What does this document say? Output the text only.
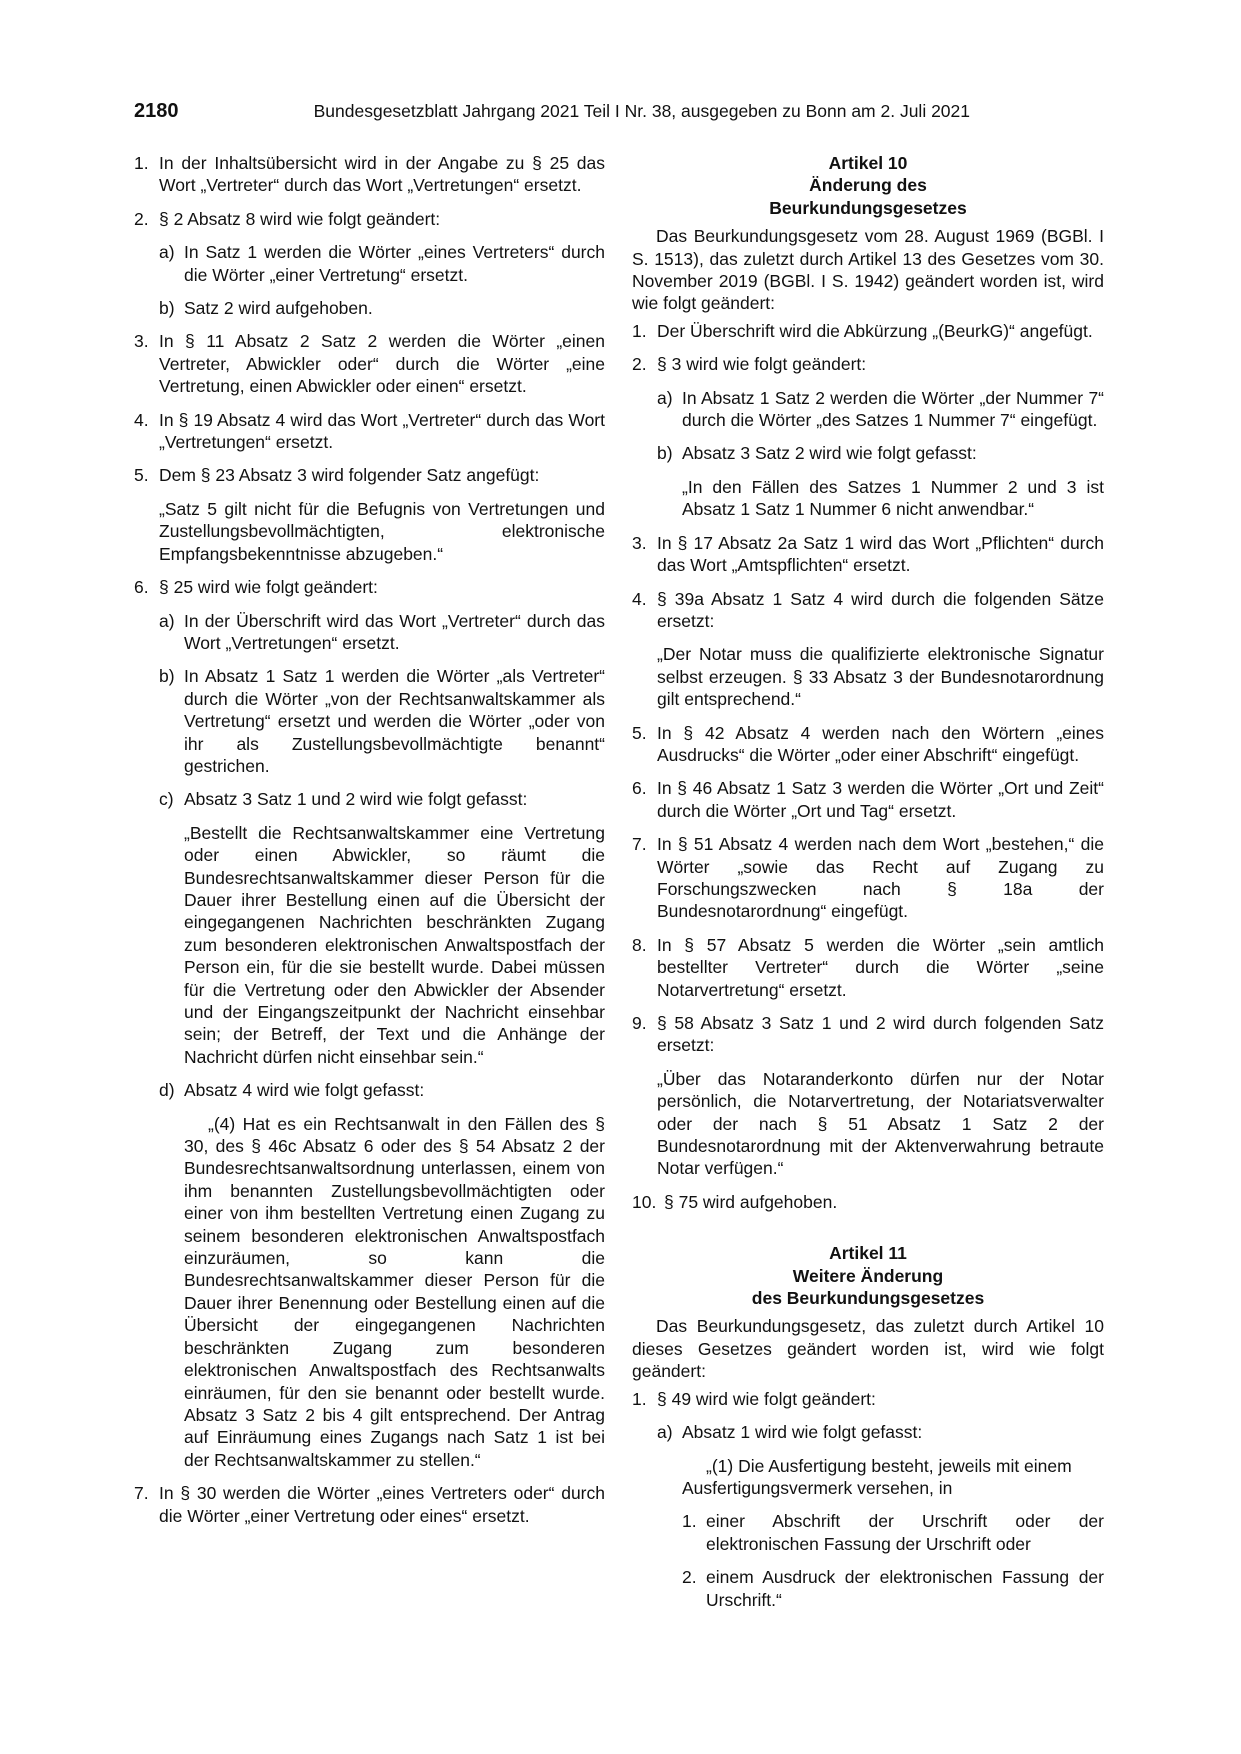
2180	Bundesgesetzblatt Jahrgang 2021 Teil I Nr. 38, ausgegeben zu Bonn am 2. Juli 2021
1. In der Inhaltsübersicht wird in der Angabe zu § 25 das Wort „Vertreter“ durch das Wort „Vertretungen“ ersetzt.
2. § 2 Absatz 8 wird wie folgt geändert:
a) In Satz 1 werden die Wörter „eines Vertreters“ durch die Wörter „einer Vertretung“ ersetzt.
b) Satz 2 wird aufgehoben.
3. In § 11 Absatz 2 Satz 2 werden die Wörter „einen Vertreter, Abwickler oder“ durch die Wörter „eine Vertretung, einen Abwickler oder einen“ ersetzt.
4. In § 19 Absatz 4 wird das Wort „Vertreter“ durch das Wort „Vertretungen“ ersetzt.
5. Dem § 23 Absatz 3 wird folgender Satz angefügt:
„Satz 5 gilt nicht für die Befugnis von Vertretungen und Zustellungsbevollmächtigten, elektronische Empfangsbekenntnisse abzugeben.“
6. § 25 wird wie folgt geändert:
a) In der Überschrift wird das Wort „Vertreter“ durch das Wort „Vertretungen“ ersetzt.
b) In Absatz 1 Satz 1 werden die Wörter „als Vertreter“ durch die Wörter „von der Rechtsanwaltskammer als Vertretung“ ersetzt und werden die Wörter „oder von ihr als Zustellungsbevollmächtigte benannt“ gestrichen.
c) Absatz 3 Satz 1 und 2 wird wie folgt gefasst:
„Bestellt die Rechtsanwaltskammer eine Vertretung oder einen Abwickler, so räumt die Bundesrechtsanwaltskammer dieser Person für die Dauer ihrer Bestellung einen auf die Übersicht der eingegangenen Nachrichten beschränkten Zugang zum besonderen elektronischen Anwaltspostfach der Person ein, für die sie bestellt wurde. Dabei müssen für die Vertretung oder den Abwickler der Absender und der Eingangszeitpunkt der Nachricht einsehbar sein; der Betreff, der Text und die Anhänge der Nachricht dürfen nicht einsehbar sein.“
d) Absatz 4 wird wie folgt gefasst:
„(4) Hat es ein Rechtsanwalt in den Fällen des § 30, des § 46c Absatz 6 oder des § 54 Absatz 2 der Bundesrechtsanwaltsordnung unterlassen, einem von ihm benannten Zustellungsbevollmächtigten oder einer von ihm bestellten Vertretung einen Zugang zu seinem besonderen elektronischen Anwaltspostfach einzuräumen, so kann die Bundesrechtsanwaltskammer dieser Person für die Dauer ihrer Benennung oder Bestellung einen auf die Übersicht der eingegangenen Nachrichten beschränkten Zugang zum besonderen elektronischen Anwaltspostfach des Rechtsanwalts einräumen, für den sie benannt oder bestellt wurde. Absatz 3 Satz 2 bis 4 gilt entsprechend. Der Antrag auf Einräumung eines Zugangs nach Satz 1 ist bei der Rechtsanwaltskammer zu stellen.“
7. In § 30 werden die Wörter „eines Vertreters oder“ durch die Wörter „einer Vertretung oder eines“ ersetzt.
Artikel 10
Änderung des
Beurkundungsgesetzes
Das Beurkundungsgesetz vom 28. August 1969 (BGBl. I S. 1513), das zuletzt durch Artikel 13 des Gesetzes vom 30. November 2019 (BGBl. I S. 1942) geändert worden ist, wird wie folgt geändert:
1. Der Überschrift wird die Abkürzung „(BeurkG)“ angefügt.
2. § 3 wird wie folgt geändert:
a) In Absatz 1 Satz 2 werden die Wörter „der Nummer 7“ durch die Wörter „des Satzes 1 Nummer 7“ eingefügt.
b) Absatz 3 Satz 2 wird wie folgt gefasst:
„In den Fällen des Satzes 1 Nummer 2 und 3 ist Absatz 1 Satz 1 Nummer 6 nicht anwendbar.“
3. In § 17 Absatz 2a Satz 1 wird das Wort „Pflichten“ durch das Wort „Amtspflichten“ ersetzt.
4. § 39a Absatz 1 Satz 4 wird durch die folgenden Sätze ersetzt:
„Der Notar muss die qualifizierte elektronische Signatur selbst erzeugen. § 33 Absatz 3 der Bundesnotarordnung gilt entsprechend.“
5. In § 42 Absatz 4 werden nach den Wörtern „eines Ausdrucks“ die Wörter „oder einer Abschrift“ eingefügt.
6. In § 46 Absatz 1 Satz 3 werden die Wörter „Ort und Zeit“ durch die Wörter „Ort und Tag“ ersetzt.
7. In § 51 Absatz 4 werden nach dem Wort „bestehen,“ die Wörter „sowie das Recht auf Zugang zu Forschungszwecken nach § 18a der Bundesnotarordnung“ eingefügt.
8. In § 57 Absatz 5 werden die Wörter „sein amtlich bestellter Vertreter“ durch die Wörter „seine Notarvertretung“ ersetzt.
9. § 58 Absatz 3 Satz 1 und 2 wird durch folgenden Satz ersetzt:
„Über das Notaranderkonto dürfen nur der Notar persönlich, die Notarvertretung, der Notariatsverwalter oder der nach § 51 Absatz 1 Satz 2 der Bundesnotarordnung mit der Aktenverwahrung betraute Notar verfügen.“
10. § 75 wird aufgehoben.
Artikel 11
Weitere Änderung
des Beurkundungsgesetzes
Das Beurkundungsgesetz, das zuletzt durch Artikel 10 dieses Gesetzes geändert worden ist, wird wie folgt geändert:
1. § 49 wird wie folgt geändert:
a) Absatz 1 wird wie folgt gefasst:
„(1) Die Ausfertigung besteht, jeweils mit einem Ausfertigungsvermerk versehen, in
1. einer Abschrift der Urschrift oder der elektronischen Fassung der Urschrift oder
2. einem Ausdruck der elektronischen Fassung der Urschrift.“
